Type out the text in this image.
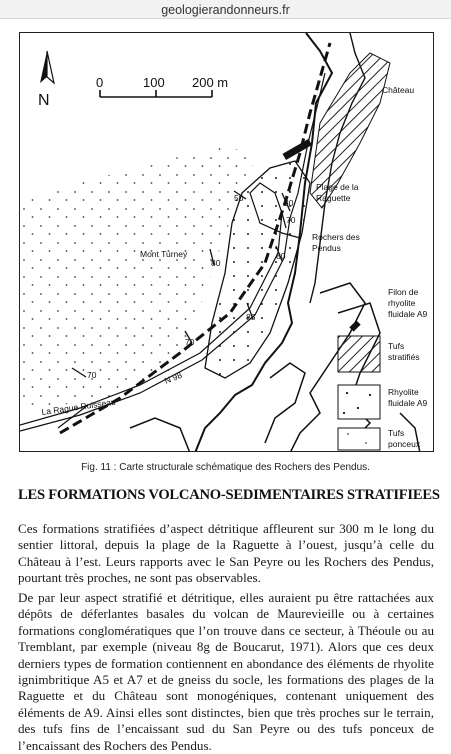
geologierandonneurs.fr
50	80
70
80
80
85
70
70
N
0	100 200 m	Château
Plage de la
Raguette
Rochers des
Pendus
Mont Turney
N 98
La Rague Ruisseau
Filon de
rhyolite
fluidale A9
Tufs
stratifiés
Rhyolite
fluidale A9
Tufs
ponceux
Fig. 11 : Carte structurale schématique des Rochers des Pendus.
LES FORMATIONS VOLCANO-SEDIMENTAIRES STRATIFIEES

Ces formations stratifiées d’aspect détritique affleurent sur 300 m le long du sentier littoral, depuis la plage de la Raguette à l’ouest, jusqu’à celle du Château à l’est. Leurs rapports avec le San Peyre ou les Rochers des Pendus, pourtant très proches, ne sont pas observables.

De par leur aspect stratifié et détritique, elles auraient pu être rattachées aux dépôts de déferlantes basales du volcan de Maurevieille ou à certaines formations conglomératiques que l’on trouve dans ce secteur, à Théoule ou au Tremblant, par exemple (niveau 8g de Boucarut, 1971). Alors que ces deux derniers types de formation contiennent en abondance des éléments de rhyolite ignimbritique A5 et A7 et de gneiss du socle, les formations des plages de la Raguette et du Château sont monogéniques, contenant uniquement des éléments de A9. Ainsi elles sont distinctes, bien que très proches sur le terrain, des tufs fins de l’encaissant sud du San Peyre ou des tufs ponceux de l’encaissant des Rochers des Pendus.
